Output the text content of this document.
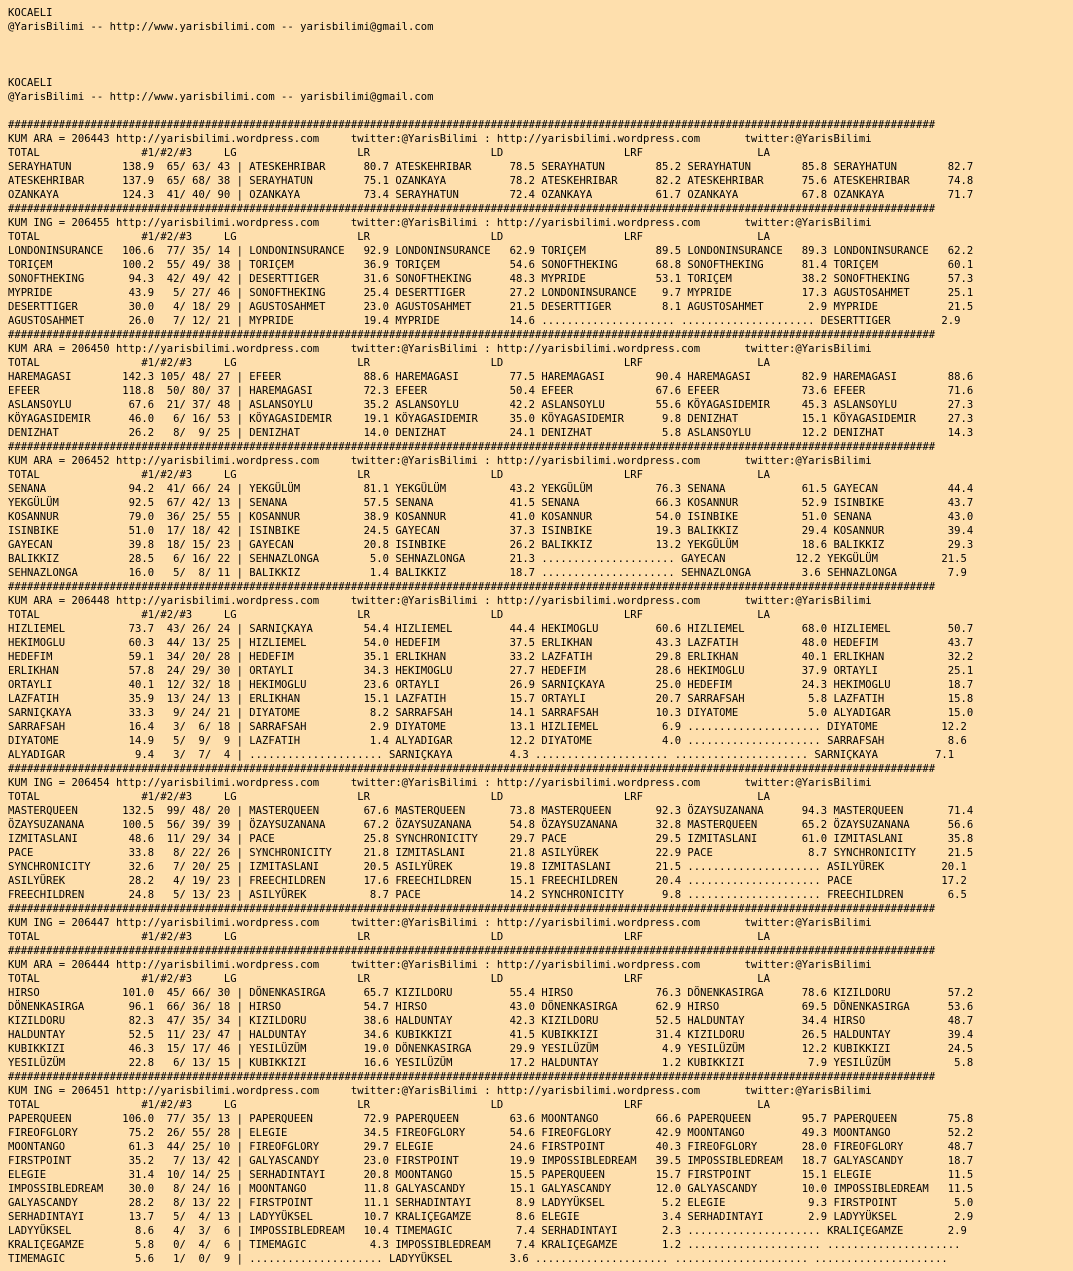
KOCAELI
@YarisBilimi -- http://www.yarisbilimi.com -- yarisbilimi@gmail.com
KOCAELI
@YarisBilimi -- http://www.yarisbilimi.com -- yarisbilimi@gmail.com
##################################################################################################################################################
KUM ARA = 206443 http://yarisbilimi.wordpress.com     twitter:@YarisBilimi : http://yarisbilimi.wordpress.com       twitter:@YarisBilimi
TOTAL                #1/#2/#3     LG                   LR                   LD                   LRF                  LA
SERAYHATUN        138.9  65/ 63/ 43 | ATESKEHRIBAR      80.7 ATESKEHRIBAR      78.5 SERAYHATUN        85.2 SERAYHATUN        85.8 SERAYHATUN        82.7
ATESKEHRIBAR      137.9  65/ 68/ 38 | SERAYHATUN        75.1 OZANKAYA          78.2 ATESKEHRIBAR      82.2 ATESKEHRIBAR      75.6 ATESKEHRIBAR      74.8
OZANKAYA          124.3  41/ 40/ 90 | OZANKAYA          73.4 SERAYHATUN        72.4 OZANKAYA          61.7 OZANKAYA          67.8 OZANKAYA          71.7
##################################################################################################################################################
KUM ING = 206455 http://yarisbilimi.wordpress.com     twitter:@YarisBilimi : http://yarisbilimi.wordpress.com       twitter:@YarisBilimi
TOTAL                #1/#2/#3     LG                   LR                   LD                   LRF                  LA
LONDONINSURANCE   106.6  77/ 35/ 14 | LONDONINSURANCE   92.9 LONDONINSURANCE   62.9 TORIÇEM           89.5 LONDONINSURANCE   89.3 LONDONINSURANCE   62.2
TORIÇEM           100.2  55/ 49/ 38 | TORIÇEM           36.9 TORIÇEM           54.6 SONOFTHEKING      68.8 SONOFTHEKING      81.4 TORIÇEM           60.1
SONOFTHEKING       94.3  42/ 49/ 42 | DESERTTIGER       31.6 SONOFTHEKING      48.3 MYPRIDE           53.1 TORIÇEM           38.2 SONOFTHEKING      57.3
MYPRIDE            43.9   5/ 27/ 46 | SONOFTHEKING      25.4 DESERTTIGER       27.2 LONDONINSURANCE    9.7 MYPRIDE           17.3 AGUSTOSAHMET      25.1
DESERTTIGER        30.0   4/ 18/ 29 | AGUSTOSAHMET      23.0 AGUSTOSAHMET      21.5 DESERTTIGER        8.1 AGUSTOSAHMET       2.9 MYPRIDE           21.5
AGUSTOSAHMET       26.0   7/ 12/ 21 | MYPRIDE           19.4 MYPRIDE           14.6 ..................... ..................... DESERTTIGER        2.9
##################################################################################################################################################
KUM ARA = 206450 http://yarisbilimi.wordpress.com     twitter:@YarisBilimi : http://yarisbilimi.wordpress.com       twitter:@YarisBilimi
TOTAL                #1/#2/#3     LG                   LR                   LD                   LRF                  LA
HAREMAGASI        142.3 105/ 48/ 27 | EFEER             88.6 HAREMAGASI        77.5 HAREMAGASI        90.4 HAREMAGASI        82.9 HAREMAGASI        88.6
EFEER             118.8  50/ 80/ 37 | HAREMAGASI        72.3 EFEER             50.4 EFEER             67.6 EFEER             73.6 EFEER             71.6
ASLANSOYLU         67.6  21/ 37/ 48 | ASLANSOYLU        35.2 ASLANSOYLU        42.2 ASLANSOYLU        55.6 KÖYAGASIDEMIR     45.3 ASLANSOYLU        27.3
KÖYAGASIDEMIR      46.0   6/ 16/ 53 | KÖYAGASIDEMIR     19.1 KÖYAGASIDEMIR     35.0 KÖYAGASIDEMIR      9.8 DENIZHAT          15.1 KÖYAGASIDEMIR     27.3
DENIZHAT           26.2   8/  9/ 25 | DENIZHAT          14.0 DENIZHAT          24.1 DENIZHAT           5.8 ASLANSOYLU        12.2 DENIZHAT          14.3
##################################################################################################################################################
KUM ARA = 206452 http://yarisbilimi.wordpress.com     twitter:@YarisBilimi : http://yarisbilimi.wordpress.com       twitter:@YarisBilimi
TOTAL                #1/#2/#3     LG                   LR                   LD                   LRF                  LA
SENANA             94.2  41/ 66/ 24 | YEKGÜLÜM          81.1 YEKGÜLÜM          43.2 YEKGÜLÜM          76.3 SENANA            61.5 GAYECAN           44.4
YEKGÜLÜM           92.5  67/ 42/ 13 | SENANA            57.5 SENANA            41.5 SENANA            66.3 KOSANNUR          52.9 ISINBIKE          43.7
KOSANNUR           79.0  36/ 25/ 55 | KOSANNUR          38.9 KOSANNUR          41.0 KOSANNUR          54.0 ISINBIKE          51.0 SENANA            43.0
ISINBIKE           51.0  17/ 18/ 42 | ISINBIKE          24.5 GAYECAN           37.3 ISINBIKE          19.3 BALIKKIZ          29.4 KOSANNUR          39.4
GAYECAN            39.8  18/ 15/ 23 | GAYECAN           20.8 ISINBIKE          26.2 BALIKKIZ          13.2 YEKGÜLÜM          18.6 BALIKKIZ          29.3
BALIKKIZ           28.5   6/ 16/ 22 | SEHNAZLONGA        5.0 SEHNAZLONGA       21.3 ..................... GAYECAN           12.2 YEKGÜLÜM          21.5
SEHNAZLONGA        16.0   5/  8/ 11 | BALIKKIZ           1.4 BALIKKIZ          18.7 ..................... SEHNAZLONGA        3.6 SEHNAZLONGA        7.9
##################################################################################################################################################
KUM ARA = 206448 http://yarisbilimi.wordpress.com     twitter:@YarisBilimi : http://yarisbilimi.wordpress.com       twitter:@YarisBilimi
TOTAL                #1/#2/#3     LG                   LR                   LD                   LRF                  LA
HIZLIEMEL          73.7  43/ 26/ 24 | SARNIÇKAYA        54.4 HIZLIEMEL         44.4 HEKIMOGLU         60.6 HIZLIEMEL         68.0 HIZLIEMEL         50.7
HEKIMOGLU          60.3  44/ 13/ 25 | HIZLIEMEL         54.0 HEDEFIM           37.5 ERLIKHAN          43.3 LAZFATIH          48.0 HEDEFIM           43.7
HEDEFIM            59.1  34/ 20/ 28 | HEDEFIM           35.1 ERLIKHAN          33.2 LAZFATIH          29.8 ERLIKHAN          40.1 ERLIKHAN          32.2
ERLIKHAN           57.8  24/ 29/ 30 | ORTAYLI           34.3 HEKIMOGLU         27.7 HEDEFIM           28.6 HEKIMOGLU         37.9 ORTAYLI           25.1
ORTAYLI            40.1  12/ 32/ 18 | HEKIMOGLU         23.6 ORTAYLI           26.9 SARNIÇKAYA        25.0 HEDEFIM           24.3 HEKIMOGLU         18.7
LAZFATIH           35.9  13/ 24/ 13 | ERLIKHAN          15.1 LAZFATIH          15.7 ORTAYLI           20.7 SARRAFSAH          5.8 LAZFATIH          15.8
SARNIÇKAYA         33.3   9/ 24/ 21 | DIYATOME           8.2 SARRAFSAH         14.1 SARRAFSAH         10.3 DIYATOME           5.0 ALYADIGAR         15.0
SARRAFSAH          16.4   3/  6/ 18 | SARRAFSAH          2.9 DIYATOME          13.1 HIZLIEMEL          6.9 ..................... DIYATOME          12.2
DIYATOME           14.9   5/  9/  9 | LAZFATIH           1.4 ALYADIGAR         12.2 DIYATOME           4.0 ..................... SARRAFSAH          8.6
ALYADIGAR           9.4   3/  7/  4 | ..................... SARNIÇKAYA         4.3 ..................... ..................... SARNIÇKAYA         7.1
##################################################################################################################################################
KUM ING = 206454 http://yarisbilimi.wordpress.com     twitter:@YarisBilimi : http://yarisbilimi.wordpress.com       twitter:@YarisBilimi
TOTAL                #1/#2/#3     LG                   LR                   LD                   LRF                  LA
MASTERQUEEN       132.5  99/ 48/ 20 | MASTERQUEEN       67.6 MASTERQUEEN       73.8 MASTERQUEEN       92.3 ÖZAYSUZANANA      94.3 MASTERQUEEN       71.4
ÖZAYSUZANANA      100.5  56/ 39/ 39 | ÖZAYSUZANANA      67.2 ÖZAYSUZANANA      54.8 ÖZAYSUZANANA      32.8 MASTERQUEEN       65.2 ÖZAYSUZANANA      56.6
IZMITASLANI        48.6  11/ 29/ 34 | PACE              25.8 SYNCHRONICITY     29.7 PACE              29.5 IZMITASLANI       61.0 IZMITASLANI       35.8
PACE               33.8   8/ 22/ 26 | SYNCHRONICITY     21.8 IZMITASLANI       21.8 ASILYÜREK         22.9 PACE               8.7 SYNCHRONICITY     21.5
SYNCHRONICITY      32.6   7/ 20/ 25 | IZMITASLANI       20.5 ASILYÜREK         19.8 IZMITASLANI       21.5 ..................... ASILYÜREK         20.1
ASILYÜREK          28.2   4/ 19/ 23 | FREECHILDREN      17.6 FREECHILDREN      15.1 FREECHILDREN      20.4 ..................... PACE              17.2
FREECHILDREN       24.8   5/ 13/ 23 | ASILYÜREK          8.7 PACE              14.2 SYNCHRONICITY      9.8 ..................... FREECHILDREN       6.5
##################################################################################################################################################
KUM ING = 206447 http://yarisbilimi.wordpress.com     twitter:@YarisBilimi : http://yarisbilimi.wordpress.com       twitter:@YarisBilimi
TOTAL                #1/#2/#3     LG                   LR                   LD                   LRF                  LA
##################################################################################################################################################
KUM ARA = 206444 http://yarisbilimi.wordpress.com     twitter:@YarisBilimi : http://yarisbilimi.wordpress.com       twitter:@YarisBilimi
TOTAL                #1/#2/#3     LG                   LR                   LD                   LRF                  LA
HIRSO             101.0  45/ 66/ 30 | DÖNENKASIRGA      65.7 KIZILDORU         55.4 HIRSO             76.3 DÖNENKASIRGA      78.6 KIZILDORU         57.2
DÖNENKASIRGA       96.1  66/ 36/ 18 | HIRSO             54.7 HIRSO             43.0 DÖNENKASIRGA      62.9 HIRSO             69.5 DÖNENKASIRGA      53.6
KIZILDORU          82.3  47/ 35/ 34 | KIZILDORU         38.6 HALDUNTAY         42.3 KIZILDORU         52.5 HALDUNTAY         34.4 HIRSO             48.7
HALDUNTAY          52.5  11/ 23/ 47 | HALDUNTAY         34.6 KUBIKKIZI         41.5 KUBIKKIZI         31.4 KIZILDORU         26.5 HALDUNTAY         39.4
KUBIKKIZI          46.3  15/ 17/ 46 | YESILÜZÜM         19.0 DÖNENKASIRGA      29.9 YESILÜZÜM          4.9 YESILÜZÜM         12.2 KUBIKKIZI         24.5
YESILÜZÜM          22.8   6/ 13/ 15 | KUBIKKIZI         16.6 YESILÜZÜM         17.2 HALDUNTAY          1.2 KUBIKKIZI          7.9 YESILÜZÜM          5.8
##################################################################################################################################################
KUM ING = 206451 http://yarisbilimi.wordpress.com     twitter:@YarisBilimi : http://yarisbilimi.wordpress.com       twitter:@YarisBilimi
TOTAL                #1/#2/#3     LG                   LR                   LD                   LRF                  LA
PAPERQUEEN        106.0  77/ 35/ 13 | PAPERQUEEN        72.9 PAPERQUEEN        63.6 MOONTANGO         66.6 PAPERQUEEN        95.7 PAPERQUEEN        75.8
FIREOFGLORY        75.2  26/ 55/ 28 | ELEGIE            34.5 FIREOFGLORY       54.6 FIREOFGLORY       42.9 MOONTANGO         49.3 MOONTANGO         52.2
MOONTANGO          61.3  44/ 25/ 10 | FIREOFGLORY       29.7 ELEGIE            24.6 FIRSTPOINT        40.3 FIREOFGLORY       28.0 FIREOFGLORY       48.7
FIRSTPOINT         35.2   7/ 13/ 42 | GALYASCANDY       23.0 FIRSTPOINT        19.9 IMPOSSIBLEDREAM   39.5 IMPOSSIBLEDREAM   18.7 GALYASCANDY       18.7
ELEGIE             31.4  10/ 14/ 25 | SERHADINTAYI      20.8 MOONTANGO         15.5 PAPERQUEEN        15.7 FIRSTPOINT        15.1 ELEGIE            11.5
IMPOSSIBLEDREAM    30.0   8/ 24/ 16 | MOONTANGO         11.8 GALYASCANDY       15.1 GALYASCANDY       12.0 GALYASCANDY       10.0 IMPOSSIBLEDREAM   11.5
GALYASCANDY        28.2   8/ 13/ 22 | FIRSTPOINT        11.1 SERHADINTAYI       8.9 LADYYÜKSEL         5.2 ELEGIE             9.3 FIRSTPOINT         5.0
SERHADINTAYI       13.7   5/  4/ 13 | LADYYÜKSEL        10.7 KRALIÇEGAMZE       8.6 ELEGIE             3.4 SERHADINTAYI       2.9 LADYYÜKSEL         2.9
LADYYÜKSEL          8.6   4/  3/  6 | IMPOSSIBLEDREAM   10.4 TIMEMAGIC          7.4 SERHADINTAYI       2.3 ..................... KRALIÇEGAMZE       2.9
KRALIÇEGAMZE        5.8   0/  4/  6 | TIMEMAGIC          4.3 IMPOSSIBLEDREAM    7.4 KRALIÇEGAMZE       1.2 ..................... .....................
TIMEMAGIC           5.6   1/  0/  9 | ..................... LADYYÜKSEL         3.6 ..................... ..................... .....................
